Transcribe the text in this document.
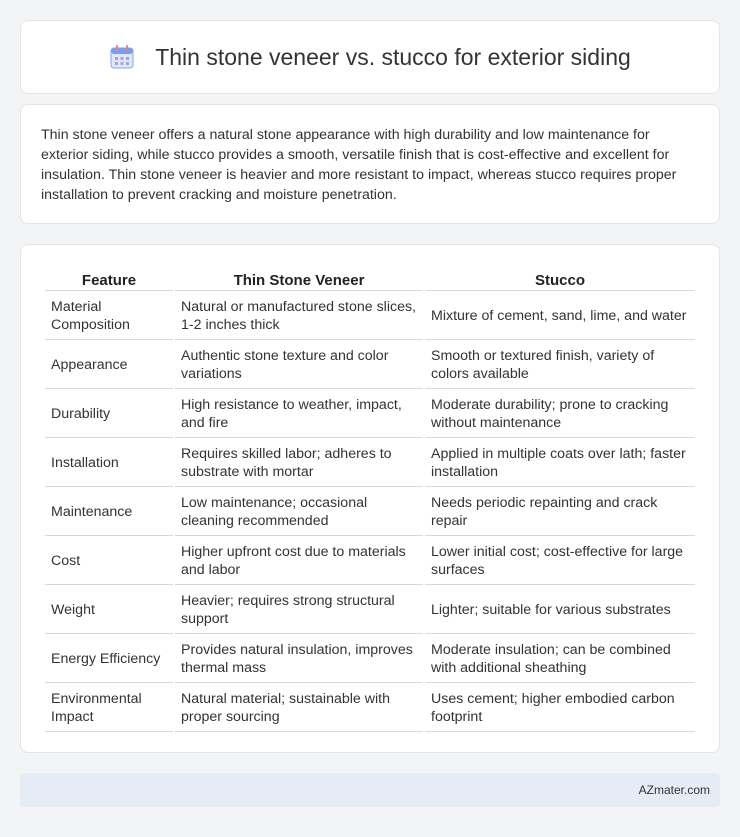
Thin stone veneer vs. stucco for exterior siding

Thin stone veneer offers a natural stone appearance with high durability and low maintenance for exterior siding, while stucco provides a smooth, versatile finish that is cost-effective and excellent for insulation. Thin stone veneer is heavier and more resistant to impact, whereas stucco requires proper installation to prevent cracking and moisture penetration.

Feature	Thin Stone Veneer	Stucco
Material Composition	Natural or manufactured stone slices, 1-2 inches thick	Mixture of cement, sand, lime, and water
Appearance	Authentic stone texture and color variations	Smooth or textured finish, variety of colors available
Durability	High resistance to weather, impact, and fire	Moderate durability; prone to cracking without maintenance
Installation	Requires skilled labor; adheres to substrate with mortar	Applied in multiple coats over lath; faster installation
Maintenance	Low maintenance; occasional cleaning recommended	Needs periodic repainting and crack repair
Cost	Higher upfront cost due to materials and labor	Lower initial cost; cost-effective for large surfaces
Weight	Heavier; requires strong structural support	Lighter; suitable for various substrates
Energy Efficiency	Provides natural insulation, improves thermal mass	Moderate insulation; can be combined with additional sheathing
Environmental Impact	Natural material; sustainable with proper sourcing	Uses cement; higher embodied carbon footprint
AZmater.com
